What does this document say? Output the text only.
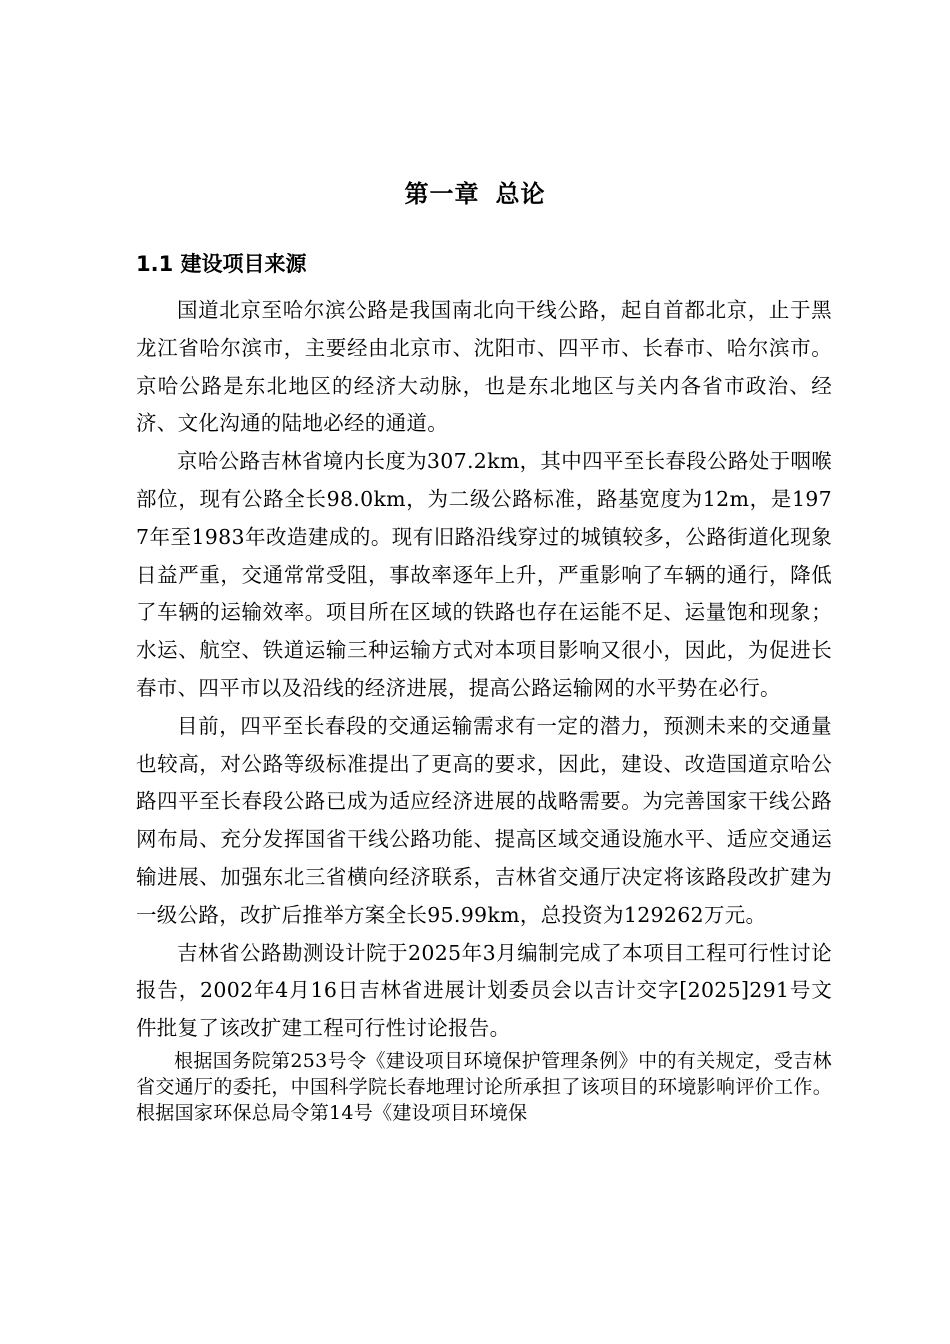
第一章 总论
1.1 建设项目来源

国道北京至哈尔滨公路是我国南北向干线公路，起自首都北京，止于黑龙江省哈尔滨市，主要经由北京市、沈阳市、四平市、长春市、哈尔滨市。京哈公路是东北地区的经济大动脉，也是东北地区与关内各省市政治、经济、文化沟通的陆地必经的通道。

京哈公路吉林省境内长度为307.2km，其中四平至长春段公路处于咽喉部位，现有公路全长98.0km，为二级公路标准，路基宽度为12m，是1977年至1983年改造建成的。现有旧路沿线穿过的城镇较多，公路街道化现象日益严重，交通常常受阻，事故率逐年上升，严重影响了车辆的通行，降低了车辆的运输效率。项目所在区域的铁路也存在运能不足、运量饱和现象；水运、航空、铁道运输三种运输方式对本项目影响又很小，因此，为促进长春市、四平市以及沿线的经济进展，提高公路运输网的水平势在必行。

目前，四平至长春段的交通运输需求有一定的潜力，预测未来的交通量也较高，对公路等级标准提出了更高的要求，因此，建设、改造国道京哈公路四平至长春段公路已成为适应经济进展的战略需要。为完善国家干线公路网布局、充分发挥国省干线公路功能、提高区域交通设施水平、适应交通运输进展、加强东北三省横向经济联系，吉林省交通厅决定将该路段改扩建为一级公路，改扩后推举方案全长95.99km，总投资为129262万元。

吉林省公路勘测设计院于2025年3月编制完成了本项目工程可行性讨论报告，2002年4月16日吉林省进展计划委员会以吉计交字[2025]291号文件批复了该改扩建工程可行性讨论报告。

根据国务院第253号令《建设项目环境保护管理条例》中的有关规定，受吉林省交通厅的委托，中国科学院长春地理讨论所承担了该项目的环境影响评价工作。根据国家环保总局令第14号《建设项目环境保
